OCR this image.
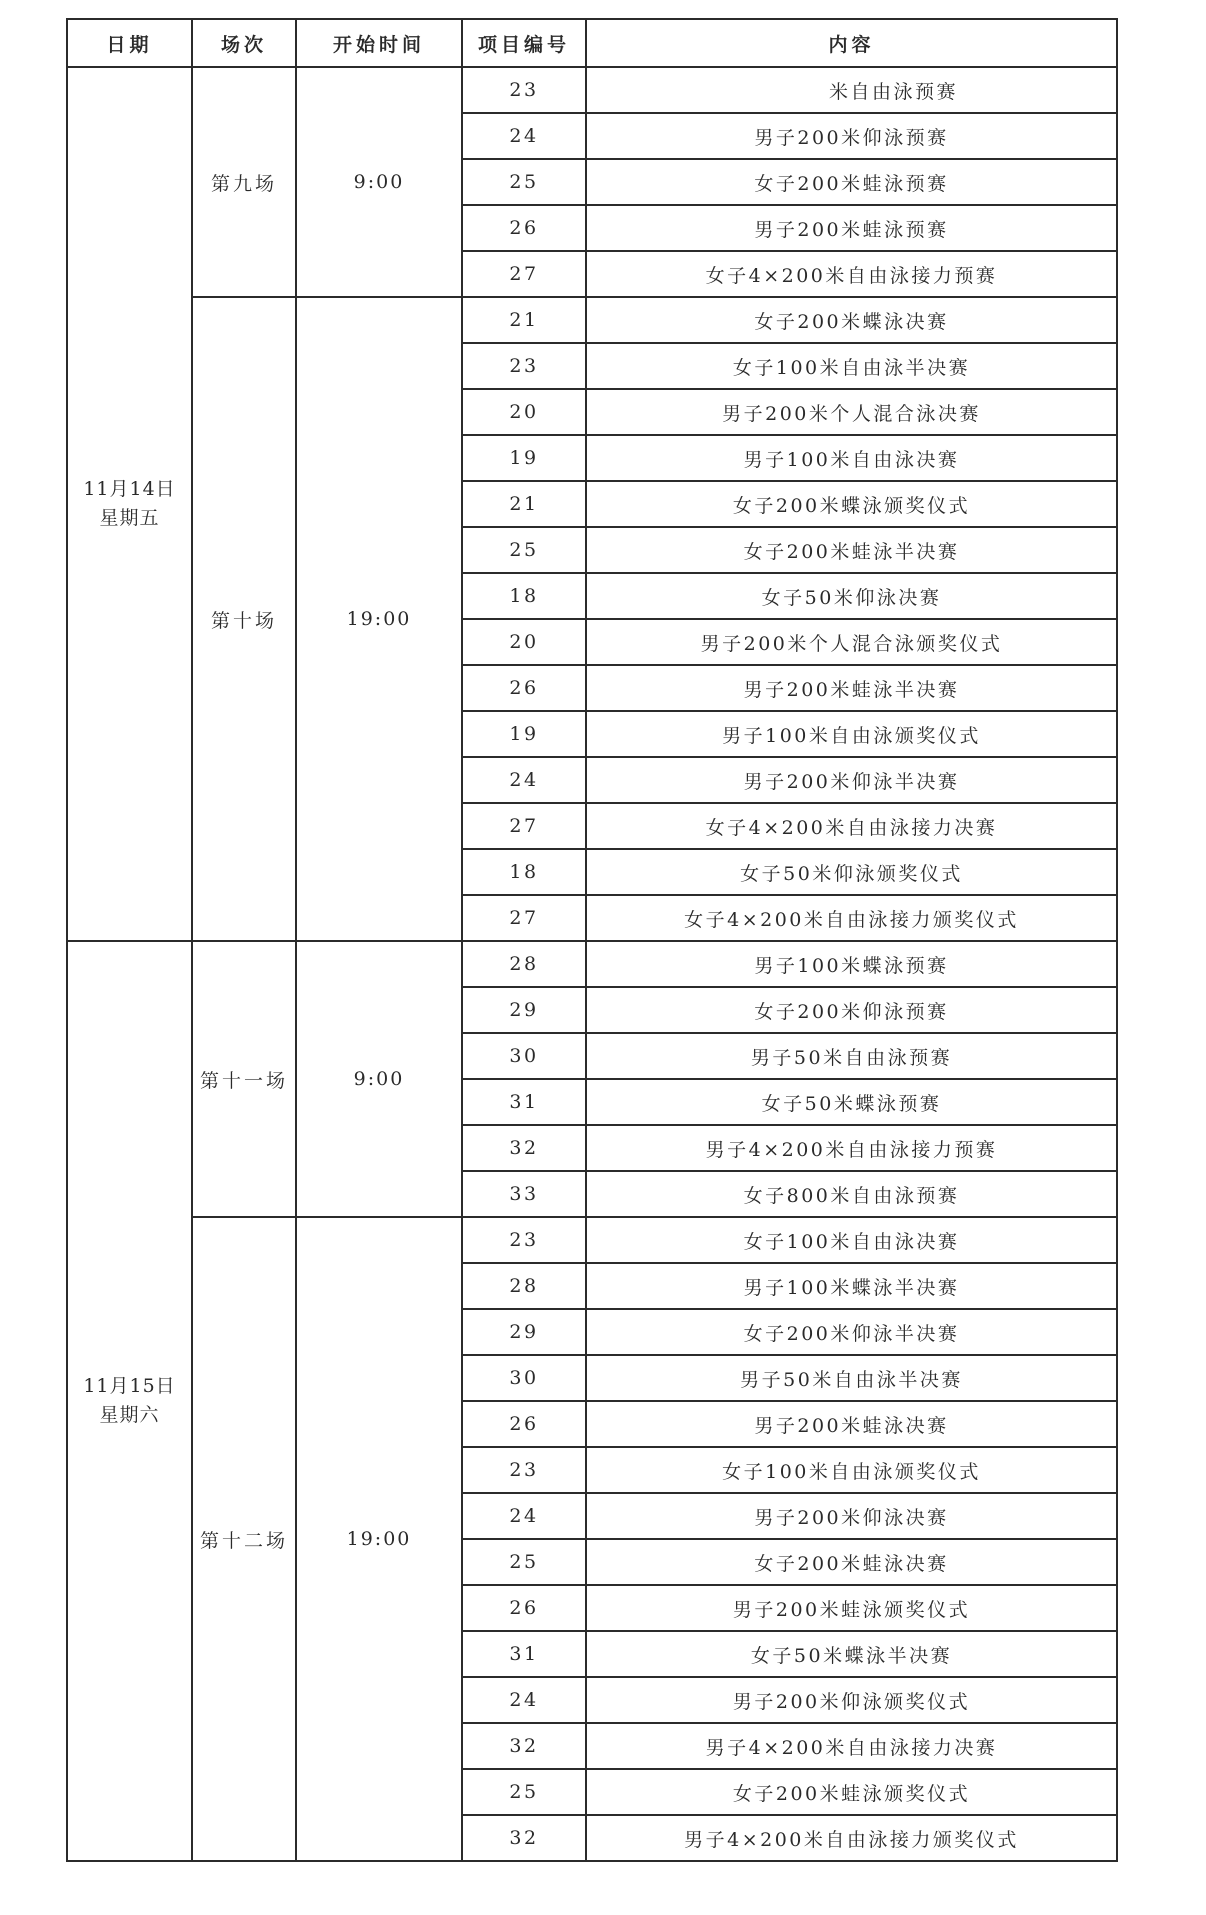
日期	场次	开始时间	项目编号	内容
11月14日
星期五
第九场	9:00
23	米自由泳预赛
24	男子200米仰泳预赛
25	女子200米蛙泳预赛
26	男子200米蛙泳预赛
27	女子4×200米自由泳接力预赛
第十场	19:00
21	女子200米蝶泳决赛
23	女子100米自由泳半决赛
20	男子200米个人混合泳决赛
19	男子100米自由泳决赛
21	女子200米蝶泳颁奖仪式
25	女子200米蛙泳半决赛
18	女子50米仰泳决赛
20	男子200米个人混合泳颁奖仪式
26	男子200米蛙泳半决赛
19	男子100米自由泳颁奖仪式
24	男子200米仰泳半决赛
27	女子4×200米自由泳接力决赛
18	女子50米仰泳颁奖仪式
27	女子4×200米自由泳接力颁奖仪式
11月15日
星期六
第十一场	9:00
28	男子100米蝶泳预赛
29	女子200米仰泳预赛
30	男子50米自由泳预赛
31	女子50米蝶泳预赛
32	男子4×200米自由泳接力预赛
33	女子800米自由泳预赛
第十二场	19:00
23	女子100米自由泳决赛
28	男子100米蝶泳半决赛
29	女子200米仰泳半决赛
30	男子50米自由泳半决赛
26	男子200米蛙泳决赛
23	女子100米自由泳颁奖仪式
24	男子200米仰泳决赛
25	女子200米蛙泳决赛
26	男子200米蛙泳颁奖仪式
31	女子50米蝶泳半决赛
24	男子200米仰泳颁奖仪式
32	男子4×200米自由泳接力决赛
25	女子200米蛙泳颁奖仪式
32	男子4×200米自由泳接力颁奖仪式
